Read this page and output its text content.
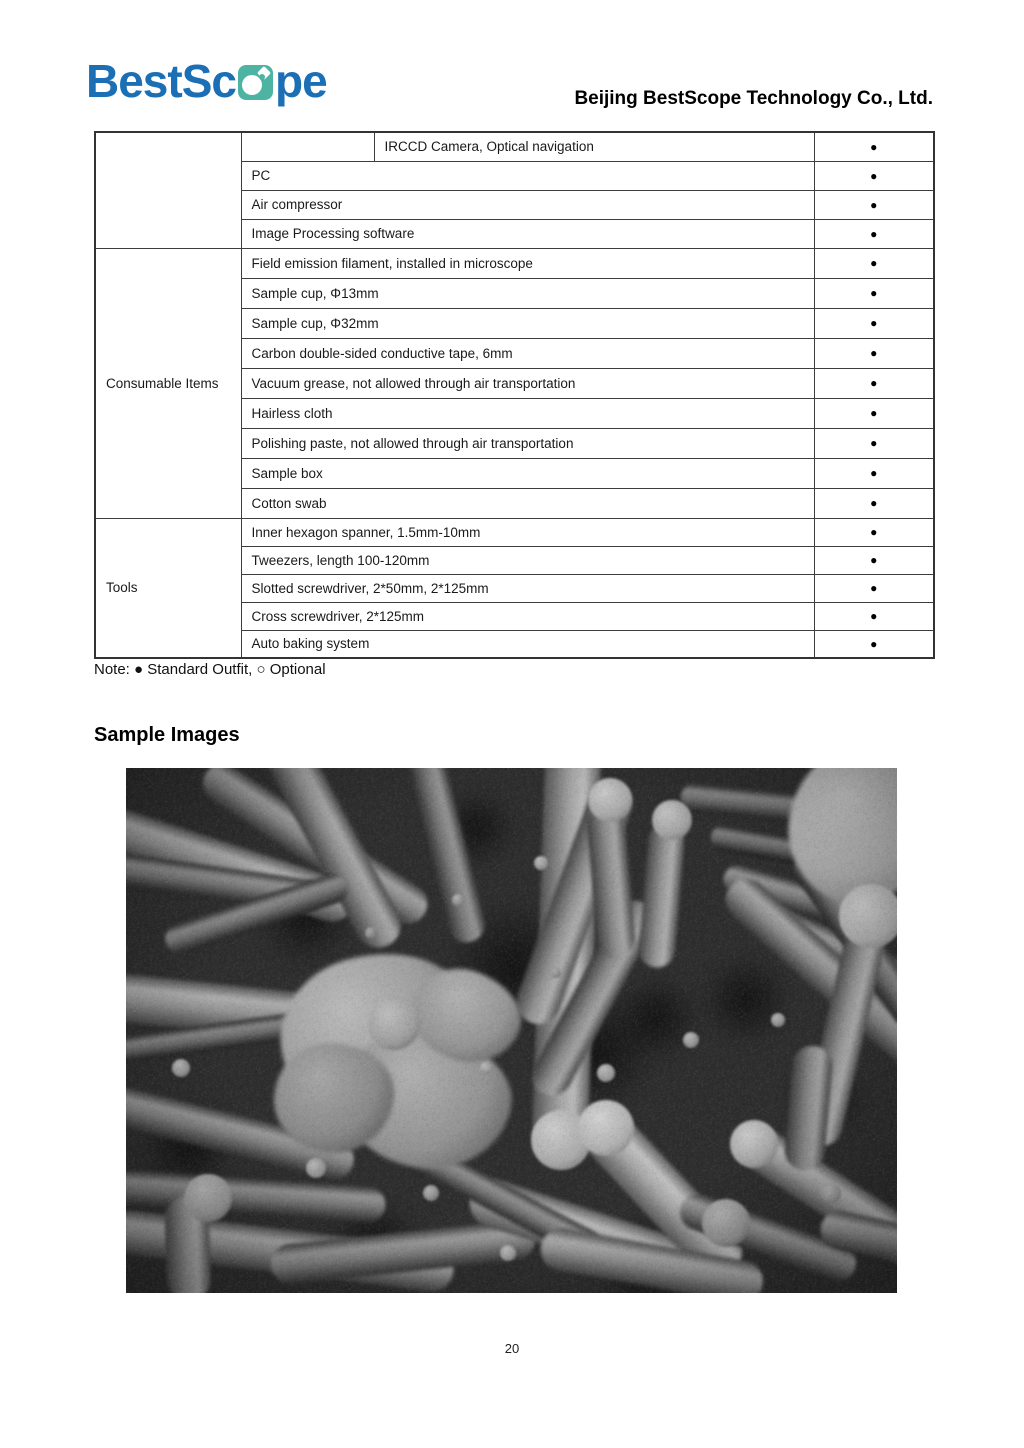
BestSc pe	Beijing BestScope Technology Co., Ltd.
		IRCCD Camera, Optical navigation	●
	PC		●
	Air compressor		●
	Image Processing software		●
Consumable Items	Field emission filament, installed in microscope		●
	Sample cup, Φ13mm		●
	Sample cup, Φ32mm		●
	Carbon double-sided conductive tape, 6mm		●
	Vacuum grease, not allowed through air transportation		●
	Hairless cloth		●
	Polishing paste, not allowed through air transportation		●
	Sample box		●
	Cotton swab		●
Tools	Inner hexagon spanner, 1.5mm-10mm		●
	Tweezers, length 100-120mm		●
	Slotted screwdriver, 2*50mm, 2*125mm		●
	Cross screwdriver, 2*125mm		●
	Auto baking system		●

Note: ● Standard Outfit, ○ Optional

Sample Images
20
